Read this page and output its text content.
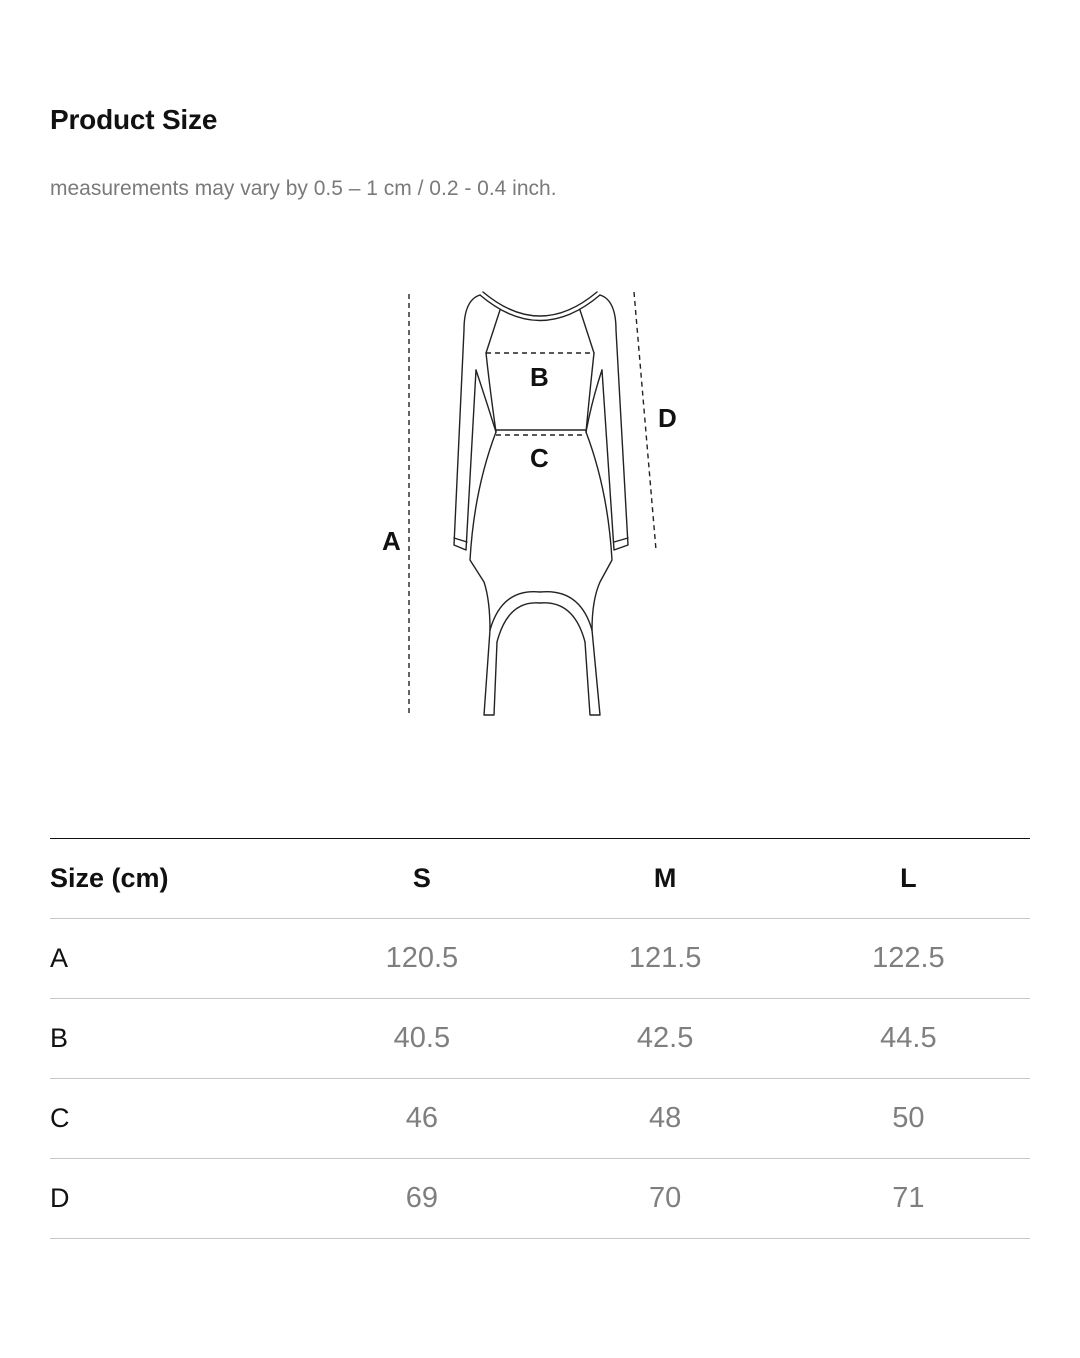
Product Size
measurements may vary by 0.5 – 1 cm / 0.2 - 0.4 inch.
A
B
C
D
Size (cm)	S	M	L
A	120.5	121.5	122.5
B	40.5	42.5	44.5
C	46	48	50
D	69	70	71
